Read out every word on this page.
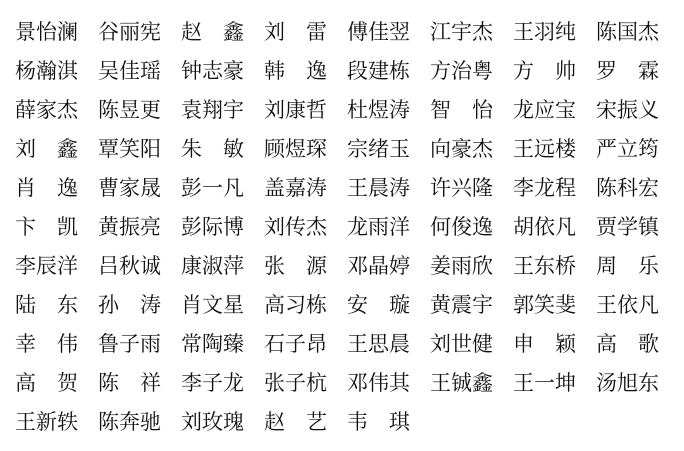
景怡澜 谷丽宪 赵　鑫 刘　雷 傅佳翌 江宇杰 王羽纯 陈国杰
杨瀚淇 吴佳瑶 钟志豪 韩　逸 段建栋 方治粤 方　帅 罗　霖
薛家杰 陈昱更 袁翔宇 刘康哲 杜煜涛 智　怡 龙应宝 宋振义
刘　鑫 覃笑阳 朱　敏 顾煜琛 宗绪玉 向豪杰 王远楼 严立筠
肖　逸 曹家晟 彭一凡 盖嘉涛 王晨涛 许兴隆 李龙程 陈科宏
卞　凯 黄振亮 彭际博 刘传杰 龙雨洋 何俊逸 胡依凡 贾学镇
李辰洋 吕秋诚 康淑萍 张　源 邓晶婷 姜雨欣 王东桥 周　乐
陆　东 孙　涛 肖文星 高习栋 安　璇 黄震宇 郭笑斐 王依凡
幸　伟 鲁子雨 常陶臻 石子昂 王思晨 刘世健 申　颖 高　歌
高　贺 陈　祥 李子龙 张子杭 邓伟其 王铖鑫 王一坤 汤旭东
王新轶 陈奔驰 刘玫瑰 赵　艺 韦　琪
